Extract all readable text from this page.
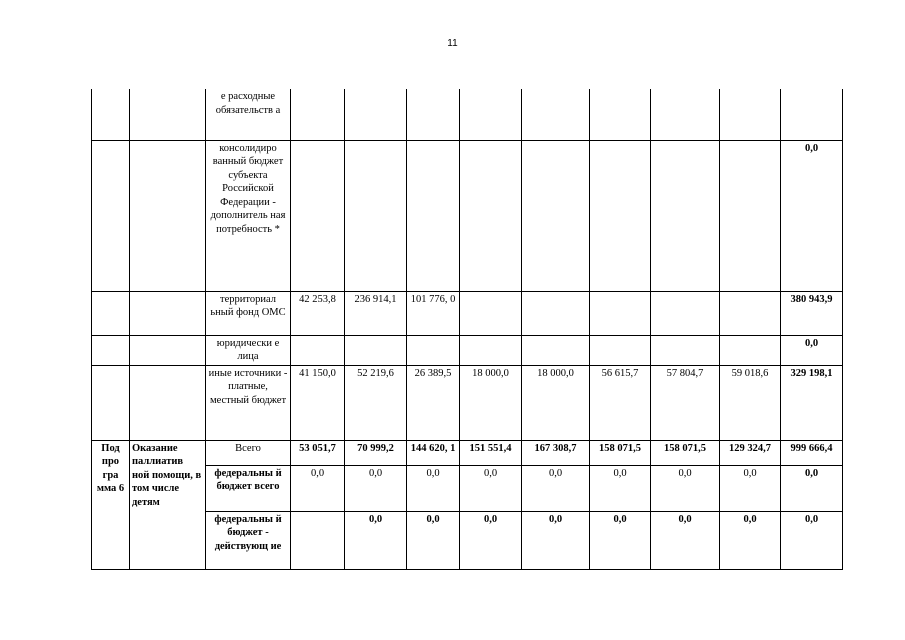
11
		е расходные обязательств а									
		консолидиро ванный бюджет субъекта Российской Федерации - дополнитель ная потребность *									0,0
		территориал ьный фонд ОМС	42 253,8	236 914,1	101 776, 0						380 943,9
		юридически е лица									0,0
		иные источники - платные, местный бюджет	41 150,0	52 219,6	26 389,5	18 000,0	18 000,0	56 615,7	57 804,7	59 018,6	329 198,1
Под про гра мма 6	Оказание паллиатив ной помощи, в том числе детям	Всего	53 051,7	70 999,2	144 620, 1	151 551,4	167 308,7	158 071,5	158 071,5	129 324,7	999 666,4
		федеральны й бюджет всего	0,0	0,0	0,0	0,0	0,0	0,0	0,0	0,0	0,0
		федеральны й бюджет - действующ ие		0,0	0,0	0,0	0,0	0,0	0,0	0,0	0,0
